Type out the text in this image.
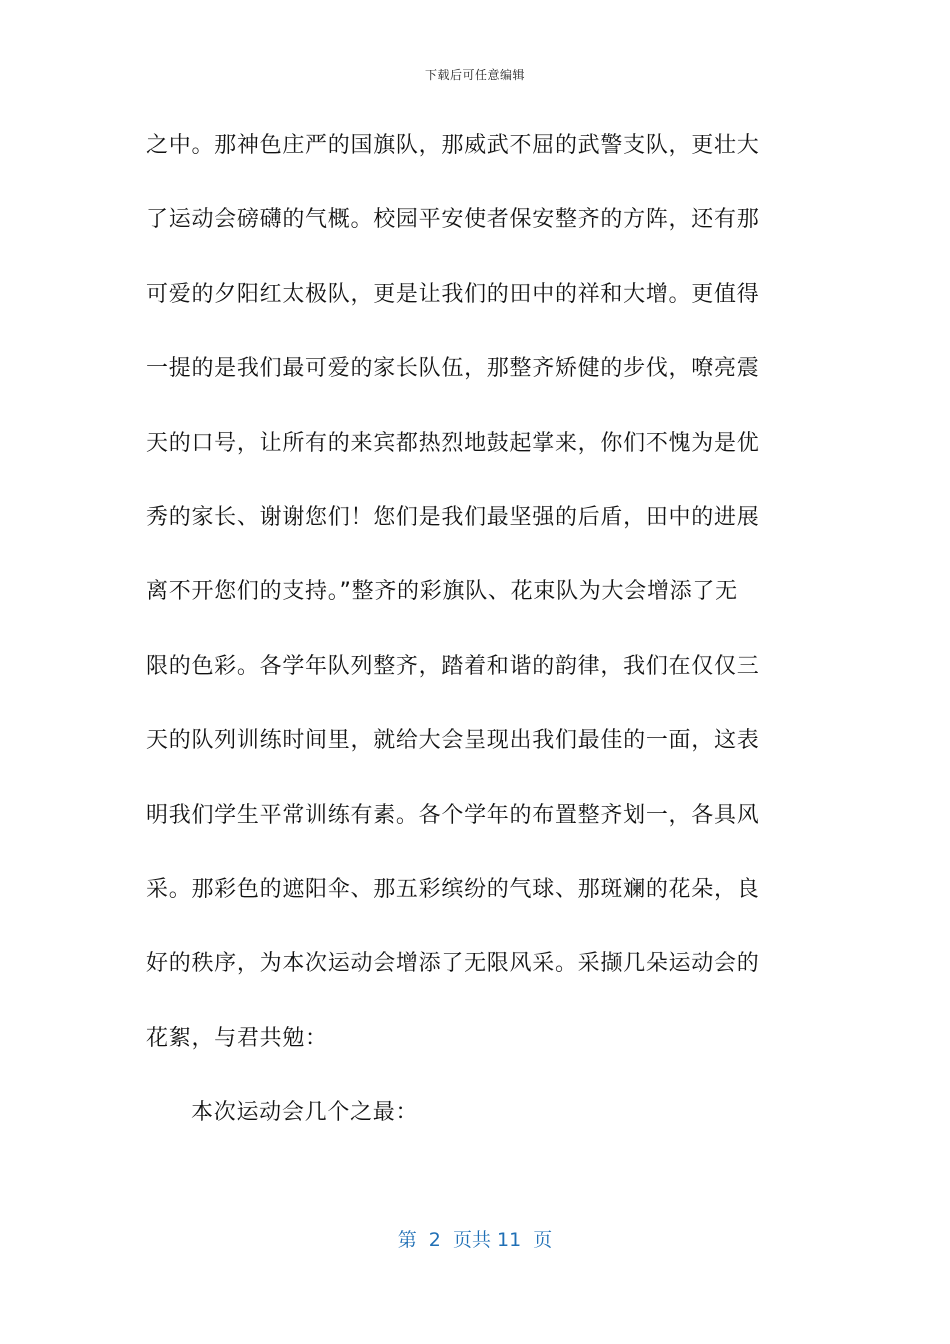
下载后可任意编辑
之中。那神色庄严的国旗队，那威武不屈的武警支队，更壮大
了运动会磅礴的气概。校园平安使者保安整齐的方阵，还有那
可爱的夕阳红太极队，更是让我们的田中的祥和大增。更值得
一提的是我们最可爱的家长队伍，那整齐矫健的步伐，嘹亮震
天的口号，让所有的来宾都热烈地鼓起掌来，你们不愧为是优
秀的家长、谢谢您们！您们是我们最坚强的后盾，田中的进展
离不开您们的支持。”整齐的彩旗队、花束队为大会增添了无
限的色彩。各学年队列整齐，踏着和谐的韵律，我们在仅仅三
天的队列训练时间里，就给大会呈现出我们最佳的一面，这表
明我们学生平常训练有素。各个学年的布置整齐划一，各具风
采。那彩色的遮阳伞、那五彩缤纷的气球、那斑斓的花朵，良
好的秩序，为本次运动会增添了无限风采。采撷几朵运动会的
花絮，与君共勉：
本次运动会几个之最：
第  2  页共 11  页
